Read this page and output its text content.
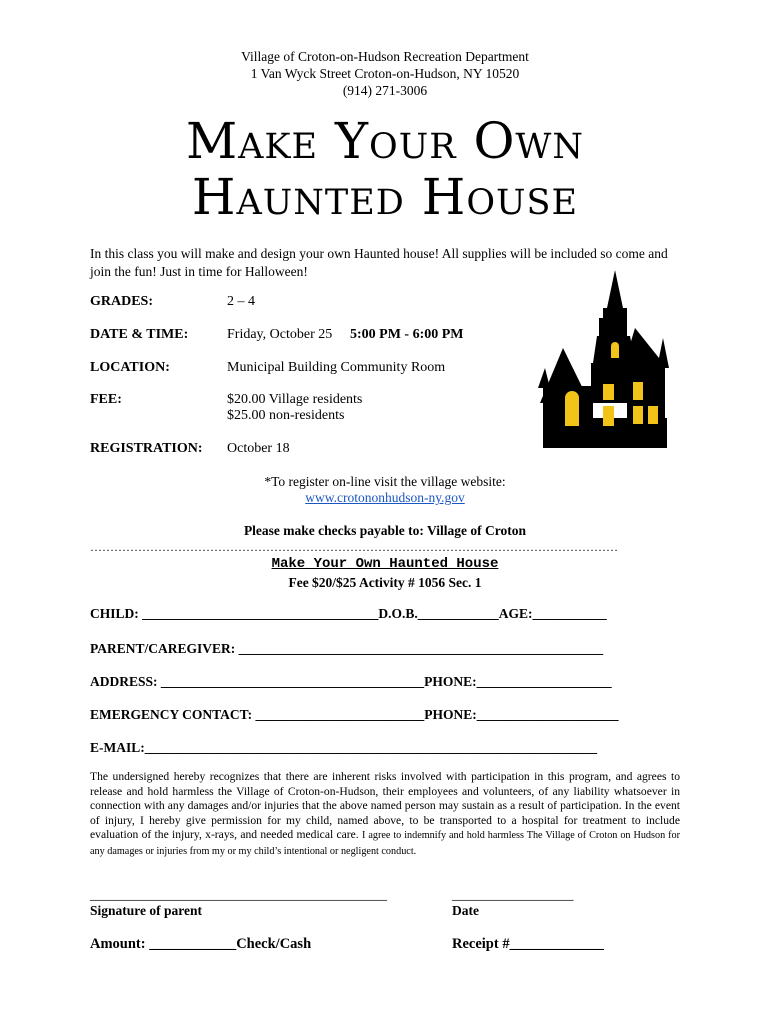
Village of Croton-on-Hudson Recreation Department
1 Van Wyck Street Croton-on-Hudson, NY 10520
(914) 271-3006
Make Your Own
Haunted House
In this class you will make and design your own Haunted house! All supplies will be included so come and join the fun! Just in time for Halloween!
GRADES:	2 – 4
DATE & TIME:	Friday, October 25 5:00 PM - 6:00 PM
LOCATION:	Municipal Building Community Room
FEE:	$20.00 Village residents
$25.00 non-residents
REGISTRATION: October 18
*To register on-line visit the village website:
www.crotononhudson-ny.gov
Please make checks payable to: Village of Croton
……………………………………………………………………………………………………………………
Make Your Own Haunted House
Fee $20/$25 Activity # 1056 Sec. 1
CHILD: ___________________________________D.O.B.____________AGE:___________
PARENT/CAREGIVER: ______________________________________________________
ADDRESS: _______________________________________PHONE:____________________
EMERGENCY CONTACT: _________________________PHONE:_____________________
E-MAIL:___________________________________________________________________
The undersigned hereby recognizes that there are inherent risks involved with participation in this program, and agrees to release and hold harmless the Village of Croton-on-Hudson, their employees and volunteers, of any liability whatsoever in connection with any damages and/or injuries that the above named person may sustain as a result of participation. In the event of injury, I hereby give permission for my child, named above, to be transported to a hospital for treatment to include evaluation of the injury, x-rays, and needed medical care. I agree to indemnify and hold harmless The Village of Croton on Hudson for any damages or injuries from my or my child’s intentional or negligent conduct.
____________________________________________
Signature of parent
__________________
Date
Amount: ____________Check/Cash	Receipt #_____________
